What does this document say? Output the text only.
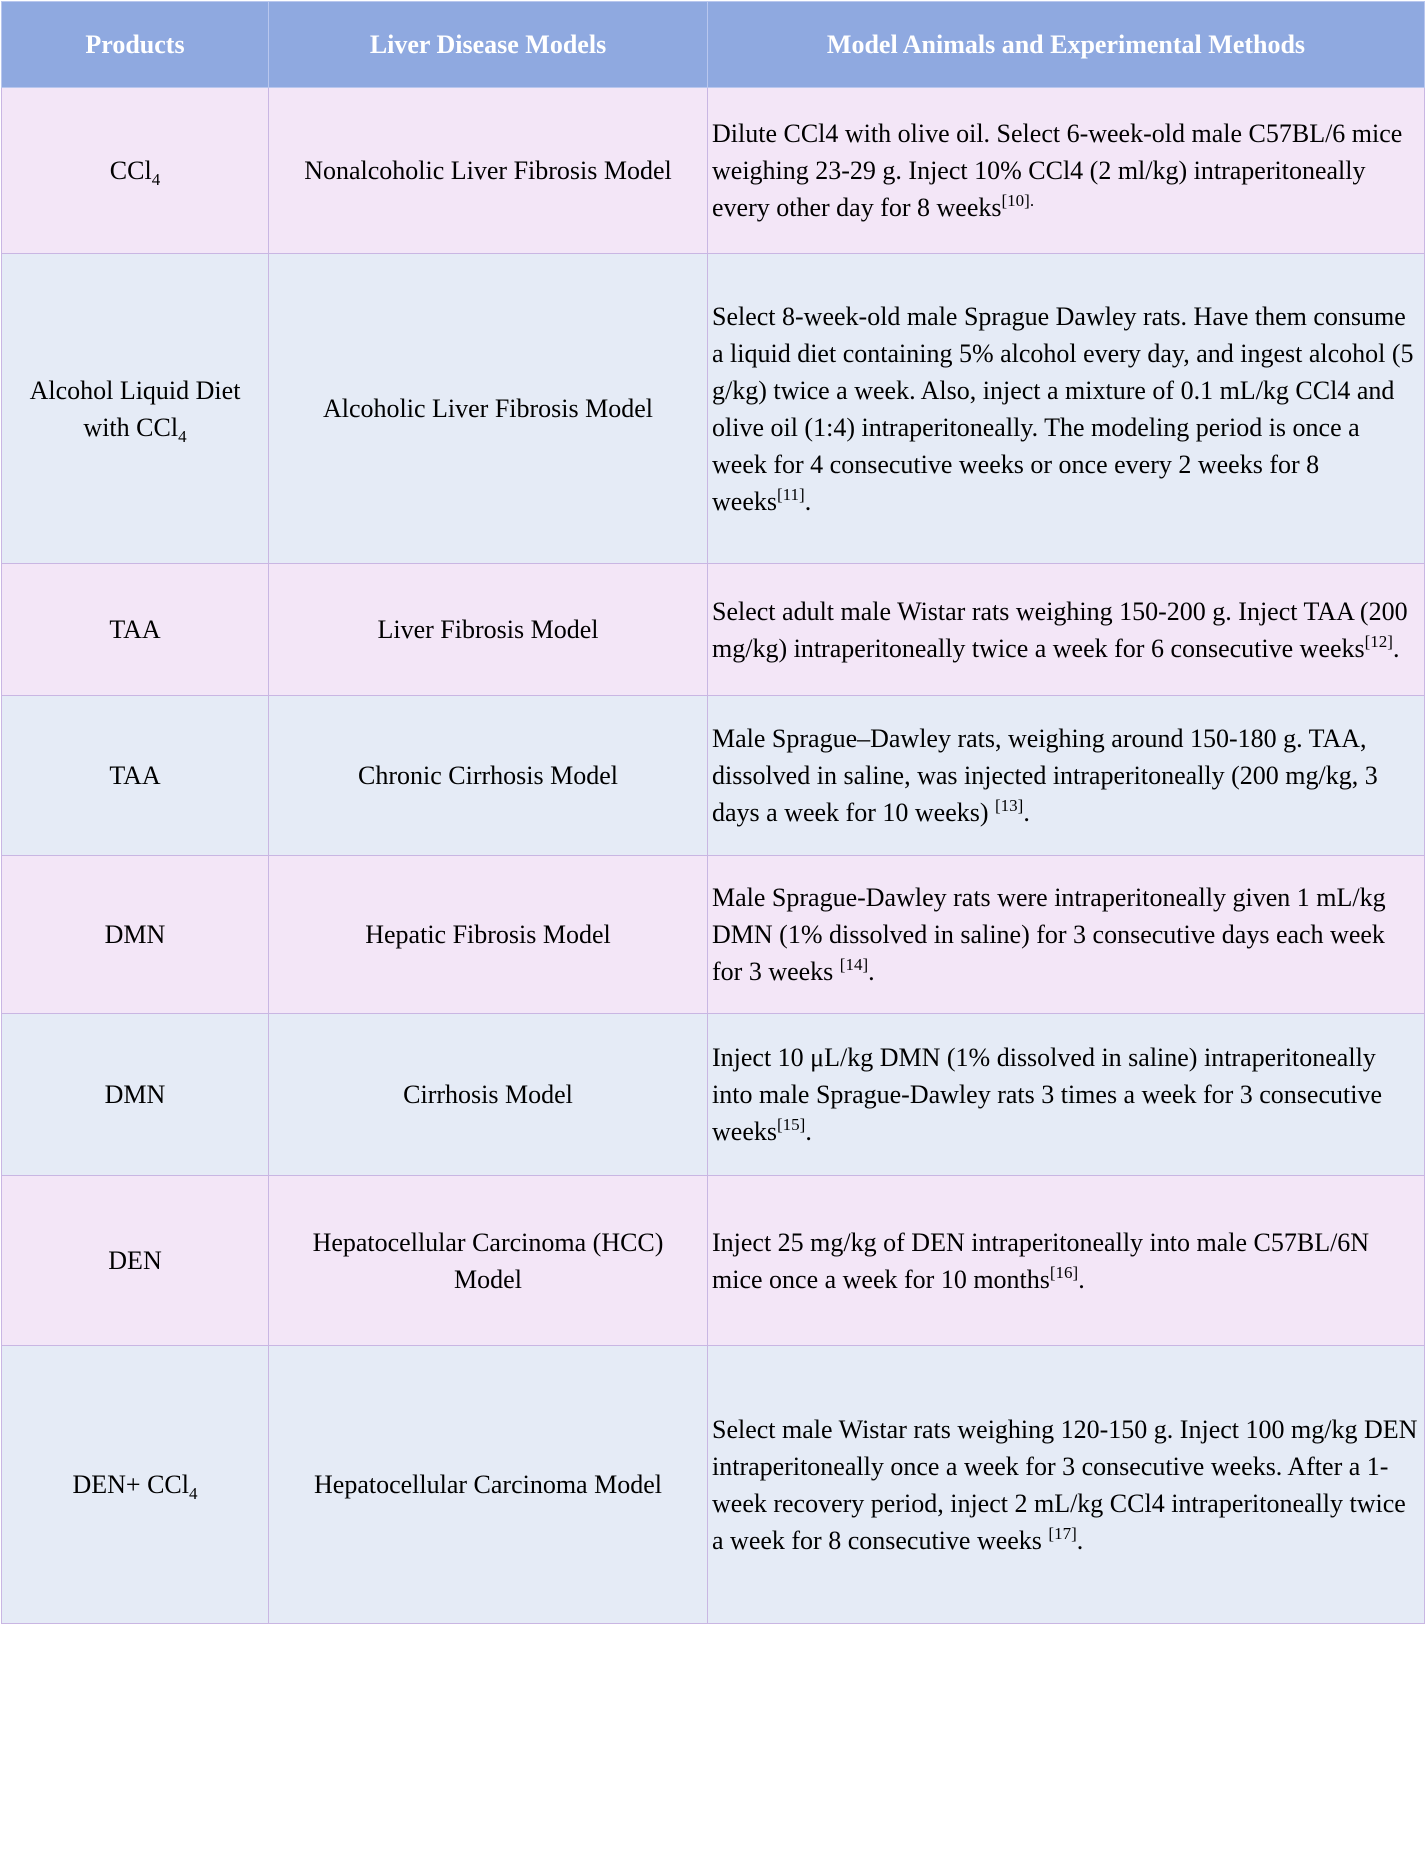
Products	Liver Disease Models	Model Animals and Experimental Methods
CCl$_4$	Nonalcoholic Liver Fibrosis Model	Dilute CCl4 with olive oil. Select 6-week-old male C57BL/6 mice weighing 23-29 g. Inject 10% CCl4 (2 ml/kg) intraperitoneally every other day for 8 weeks$^{[10].}$
Alcohol Liquid Diet with CCl$_4$	Alcoholic Liver Fibrosis Model	Select 8-week-old male Sprague Dawley rats. Have them consume a liquid diet containing 5% alcohol every day, and ingest alcohol (5 g/kg) twice a week. Also, inject a mixture of 0.1 mL/kg CCl4 and olive oil (1:4) intraperitoneally. The modeling period is once a week for 4 consecutive weeks or once every 2 weeks for 8 weeks[11].
TAA	Liver Fibrosis Model	Select adult male Wistar rats weighing 150-200 g. Inject TAA (200 mg/kg) intraperitoneally twice a week for 6 consecutive weeks[12].
TAA	Chronic Cirrhosis Model	Male Sprague–Dawley rats, weighing around 150-180 g. TAA, dissolved in saline, was injected intraperitoneally (200 mg/kg, 3 days a week for 10 weeks) [13].
DMN	Hepatic Fibrosis Model	Male Sprague-Dawley rats were intraperitoneally given 1 mL/kg DMN (1% dissolved in saline) for 3 consecutive days each week for 3 weeks [14].
DMN	Cirrhosis Model	Inject 10 μL/kg DMN (1% dissolved in saline) intraperitoneally into male Sprague-Dawley rats 3 times a week for 3 consecutive weeks[15].
DEN	Hepatocellular Carcinoma (HCC) Model	Inject 25 mg/kg of DEN intraperitoneally into male C57BL/6N mice once a week for 10 months[16].
DEN+ CCl$_4$	Hepatocellular Carcinoma Model	Select male Wistar rats weighing 120-150 g. Inject 100 mg/kg DEN intraperitoneally once a week for 3 consecutive weeks. After a 1-week recovery period, inject 2 mL/kg CCl4 intraperitoneally twice a week for 8 consecutive weeks [17].
